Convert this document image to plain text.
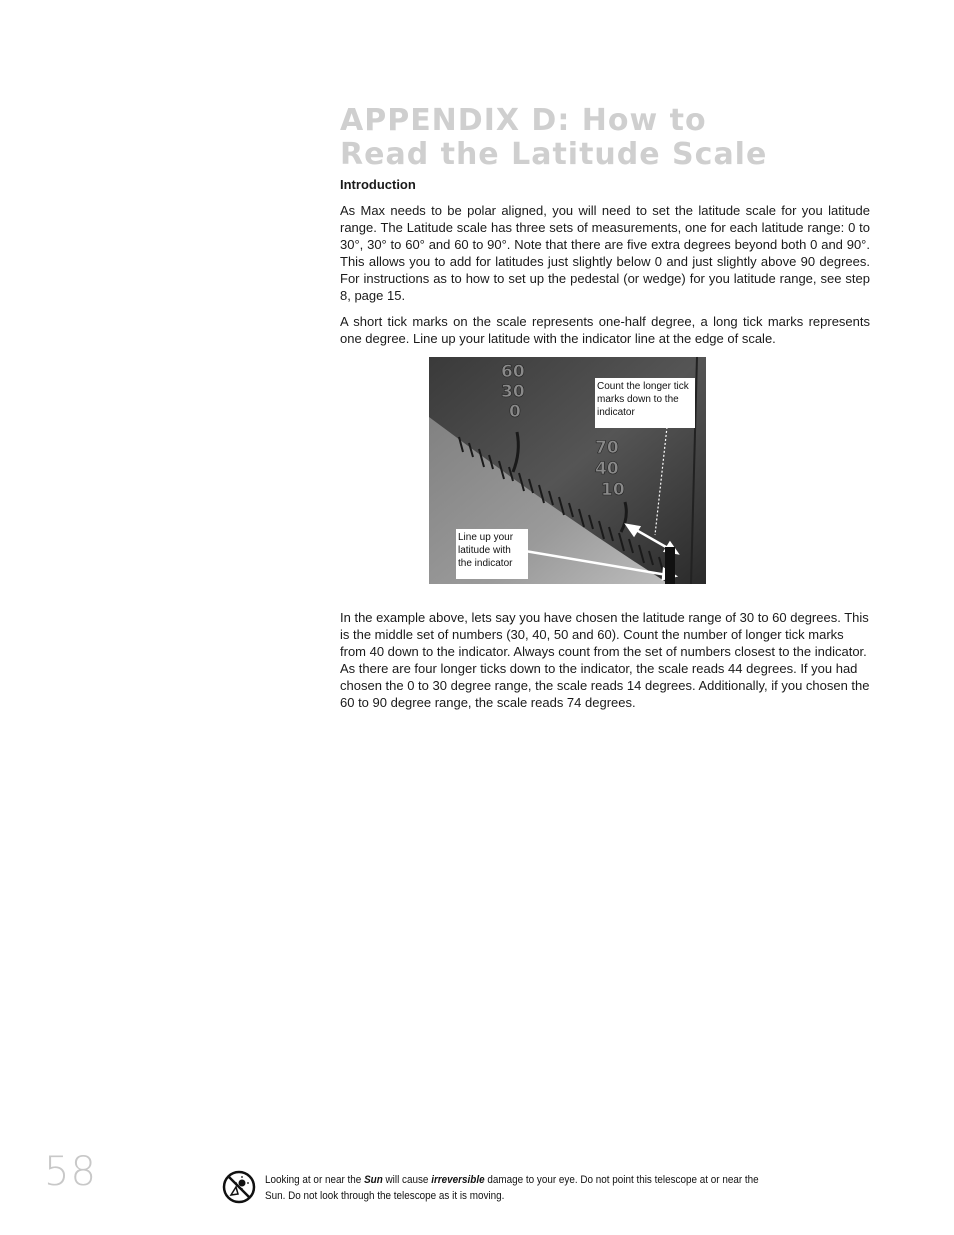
APPENDIX D: How to
Read the Latitude Scale

Introduction

As Max needs to be polar aligned, you will need to set the latitude scale for you latitude range. The Latitude scale has three sets of measurements, one for each latitude range: 0 to 30°, 30° to 60° and 60 to 90°. Note that there are five extra degrees beyond both 0 and 90°. This allows you to add for latitudes just slightly below 0 and just slightly above 90 degrees. For instructions as to how to set up the pedestal (or wedge) for you latitude range, see step 8, page 15.

A short tick marks on the scale represents one-half degree, a long tick marks represents one degree. Line up your latitude with the indicator line at the edge of scale.

60
30
0
70
40
10
Count the longer tick marks down to the indicator
Line up your latitude with the indicator

In the example above, lets say you have chosen the latitude range of 30 to 60 degrees. This is the middle set of numbers (30, 40, 50 and 60). Count the number of longer tick marks from 40 down to the indicator. Always count from the set of numbers closest to the indicator. As there are four longer ticks down to the indicator, the scale reads 44 degrees. If you had chosen the 0 to 30 degree range, the scale reads 14 degrees. Additionally, if you chosen the 60 to 90 degree range, the scale reads 74 degrees.

58	Looking at or near the Sun will cause irreversible damage to your eye. Do not point this telescope at or near the Sun. Do not look through the telescope as it is moving.
